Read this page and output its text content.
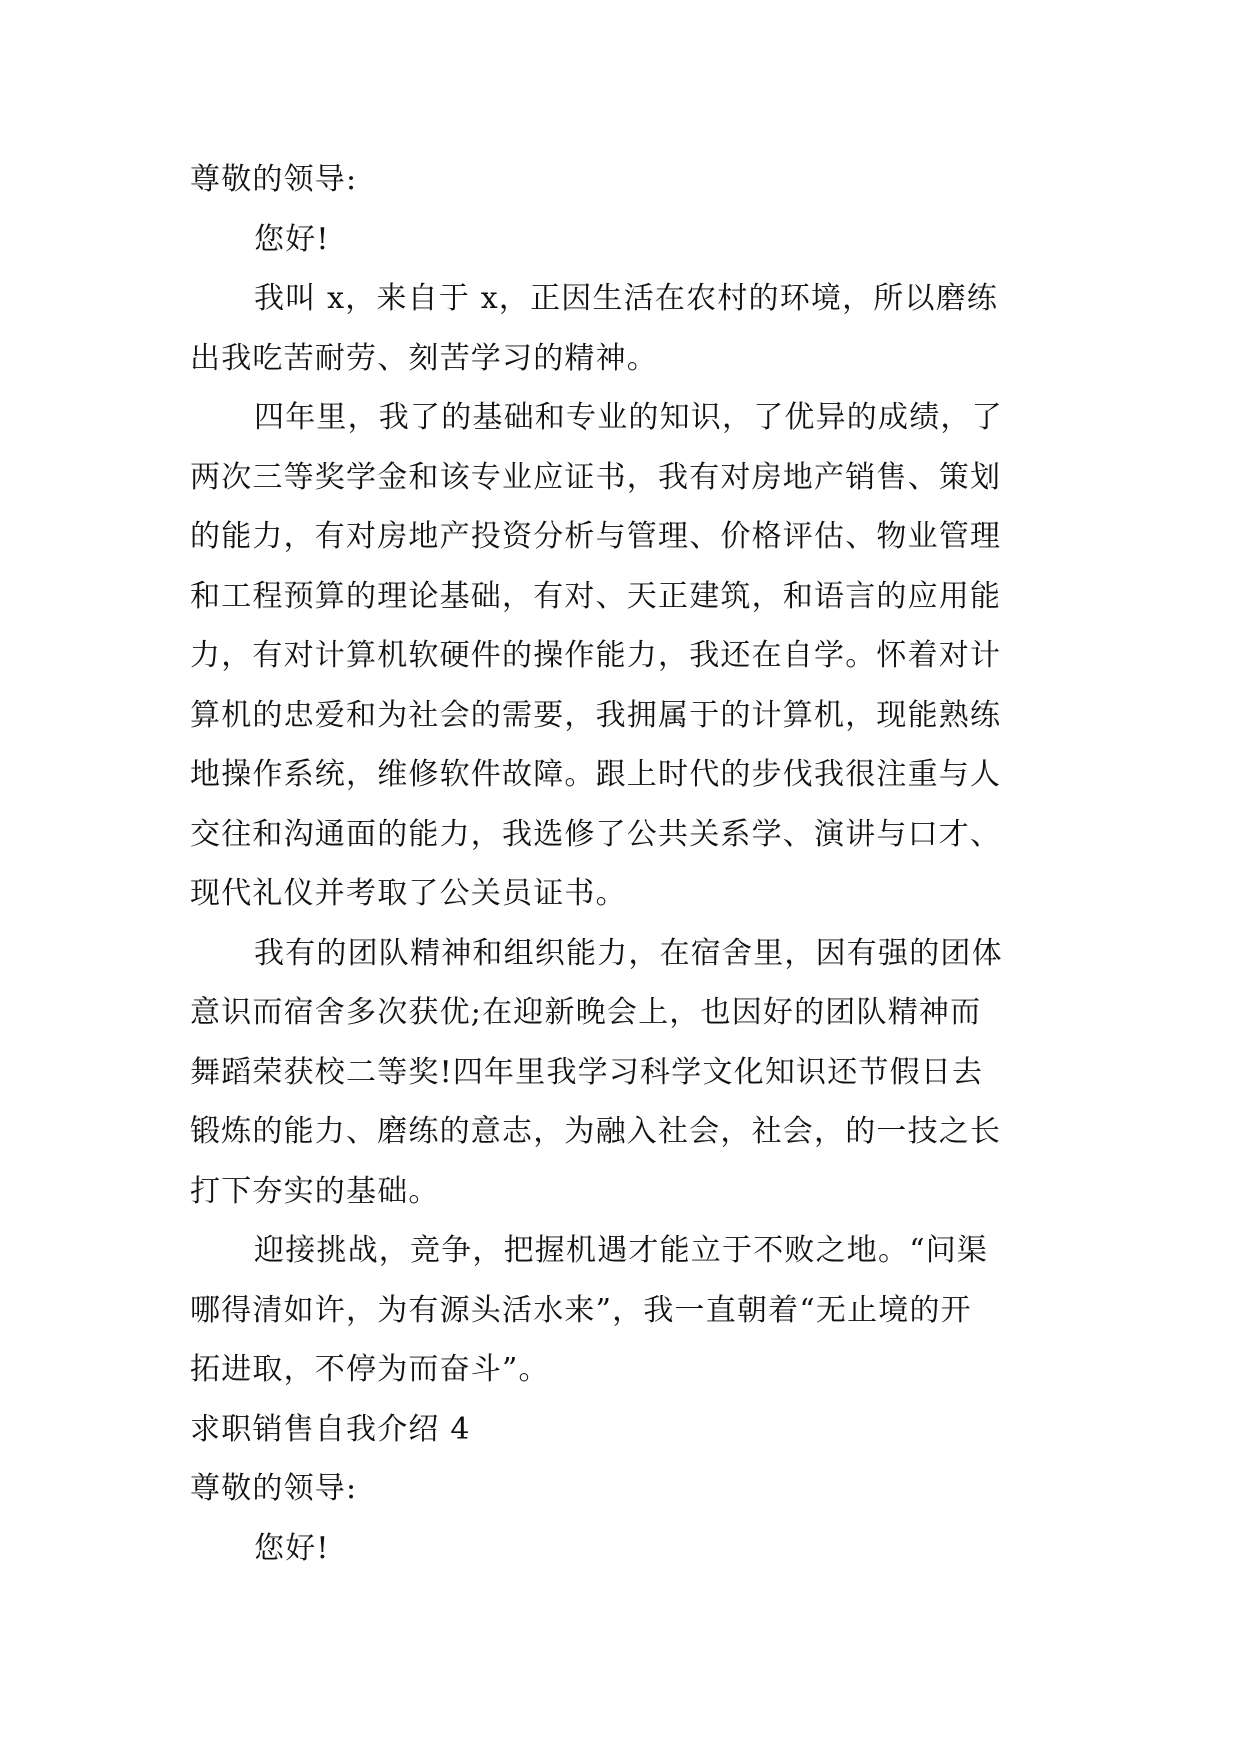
尊敬的领导:
您好!
我叫 x，来自于 x，正因生活在农村的环境，所以磨练
出我吃苦耐劳、刻苦学习的精神。
四年里，我了的基础和专业的知识，了优异的成绩，了
两次三等奖学金和该专业应证书，我有对房地产销售、策划
的能力，有对房地产投资分析与管理、价格评估、物业管理
和工程预算的理论基础，有对、天正建筑，和语言的应用能
力，有对计算机软硬件的操作能力，我还在自学。怀着对计
算机的忠爱和为社会的需要，我拥属于的计算机，现能熟练
地操作系统，维修软件故障。跟上时代的步伐我很注重与人
交往和沟通面的能力，我选修了公共关系学、演讲与口才、
现代礼仪并考取了公关员证书。
我有的团队精神和组织能力，在宿舍里，因有强的团体
意识而宿舍多次获优;在迎新晚会上，也因好的团队精神而
舞蹈荣获校二等奖!四年里我学习科学文化知识还节假日去
锻炼的能力、磨练的意志，为融入社会，社会，的一技之长
打下夯实的基础。
迎接挑战，竞争，把握机遇才能立于不败之地。“问渠
哪得清如许，为有源头活水来”，我一直朝着“无止境的开
拓进取，不停为而奋斗”。
求职销售自我介绍 4
尊敬的领导:
您好!
